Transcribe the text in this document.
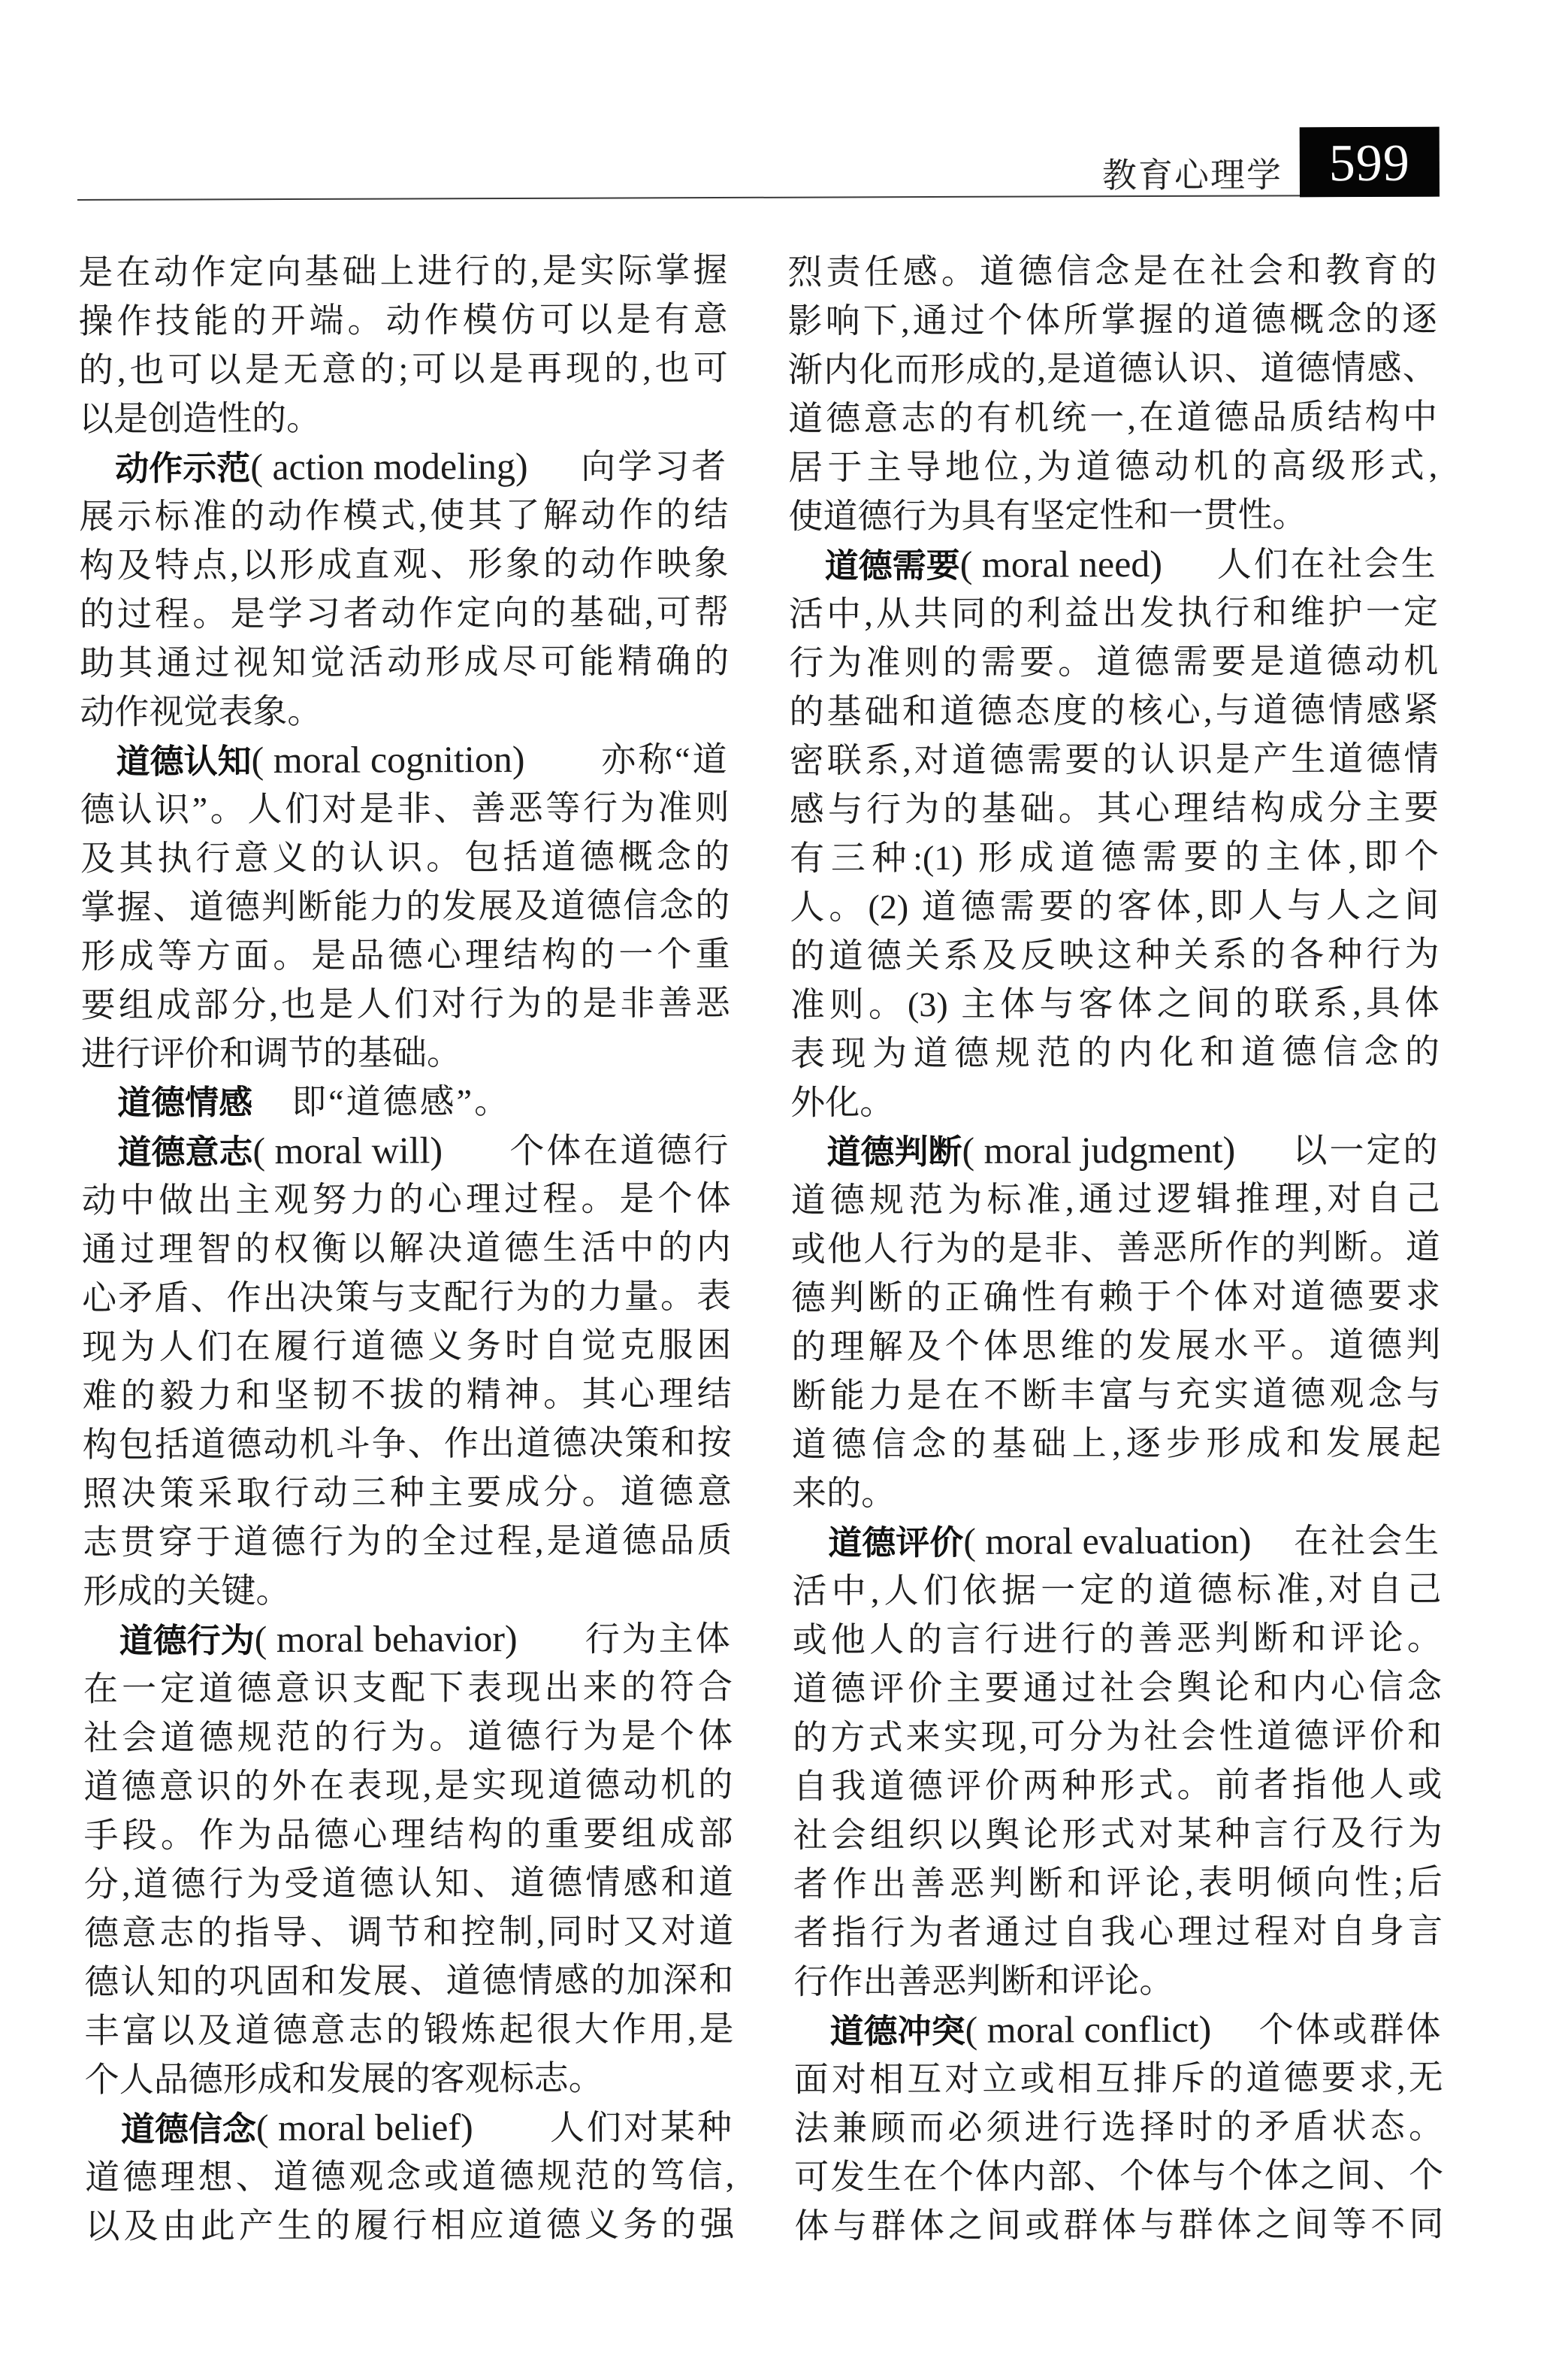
教育心理学 599
是在动作定向基础上进行的,是实际掌握
操作技能的开端。动作模仿可以是有意
的,也可以是无意的;可以是再现的,也可
以是创造性的。
动作示范( action modeling) 向学习者
展示标准的动作模式,使其了解动作的结
构及特点,以形成直观、形象的动作映象
的过程。是学习者动作定向的基础,可帮
助其通过视知觉活动形成尽可能精确的
动作视觉表象。
道德认知( moral cognition) 亦称“道
德认识”。人们对是非、善恶等行为准则
及其执行意义的认识。包括道德概念的
掌握、道德判断能力的发展及道德信念的
形成等方面。是品德心理结构的一个重
要组成部分,也是人们对行为的是非善恶
进行评价和调节的基础。
道德情感 即“道德感”。
道德意志( moral will) 个体在道德行
动中做出主观努力的心理过程。是个体
通过理智的权衡以解决道德生活中的内
心矛盾、作出决策与支配行为的力量。表
现为人们在履行道德义务时自觉克服困
难的毅力和坚韧不拔的精神。其心理结
构包括道德动机斗争、作出道德决策和按
照决策采取行动三种主要成分。道德意
志贯穿于道德行为的全过程,是道德品质
形成的关键。
道德行为( moral behavior) 行为主体
在一定道德意识支配下表现出来的符合
社会道德规范的行为。道德行为是个体
道德意识的外在表现,是实现道德动机的
手段。作为品德心理结构的重要组成部
分,道德行为受道德认知、道德情感和道
德意志的指导、调节和控制,同时又对道
德认知的巩固和发展、道德情感的加深和
丰富以及道德意志的锻炼起很大作用,是
个人品德形成和发展的客观标志。
道德信念( moral belief) 人们对某种
道德理想、道德观念或道德规范的笃信,
以及由此产生的履行相应道德义务的强
烈责任感。道德信念是在社会和教育的
影响下,通过个体所掌握的道德概念的逐
渐内化而形成的,是道德认识、道德情感、
道德意志的有机统一,在道德品质结构中
居于主导地位,为道德动机的高级形式,
使道德行为具有坚定性和一贯性。
道德需要( moral need) 人们在社会生
活中,从共同的利益出发执行和维护一定
行为准则的需要。道德需要是道德动机
的基础和道德态度的核心,与道德情感紧
密联系,对道德需要的认识是产生道德情
感与行为的基础。其心理结构成分主要
有三种:(1) 形成道德需要的主体,即个
人。(2) 道德需要的客体,即人与人之间
的道德关系及反映这种关系的各种行为
准则。(3) 主体与客体之间的联系,具体
表现为道德规范的内化和道德信念的
外化。
道德判断( moral judgment) 以一定的
道德规范为标准,通过逻辑推理,对自己
或他人行为的是非、善恶所作的判断。道
德判断的正确性有赖于个体对道德要求
的理解及个体思维的发展水平。道德判
断能力是在不断丰富与充实道德观念与
道德信念的基础上,逐步形成和发展起
来的。
道德评价( moral evaluation) 在社会生
活中,人们依据一定的道德标准,对自己
或他人的言行进行的善恶判断和评论。
道德评价主要通过社会舆论和内心信念
的方式来实现,可分为社会性道德评价和
自我道德评价两种形式。前者指他人或
社会组织以舆论形式对某种言行及行为
者作出善恶判断和评论,表明倾向性;后
者指行为者通过自我心理过程对自身言
行作出善恶判断和评论。
道德冲突( moral conflict) 个体或群体
面对相互对立或相互排斥的道德要求,无
法兼顾而必须进行选择时的矛盾状态。
可发生在个体内部、个体与个体之间、个
体与群体之间或群体与群体之间等不同
